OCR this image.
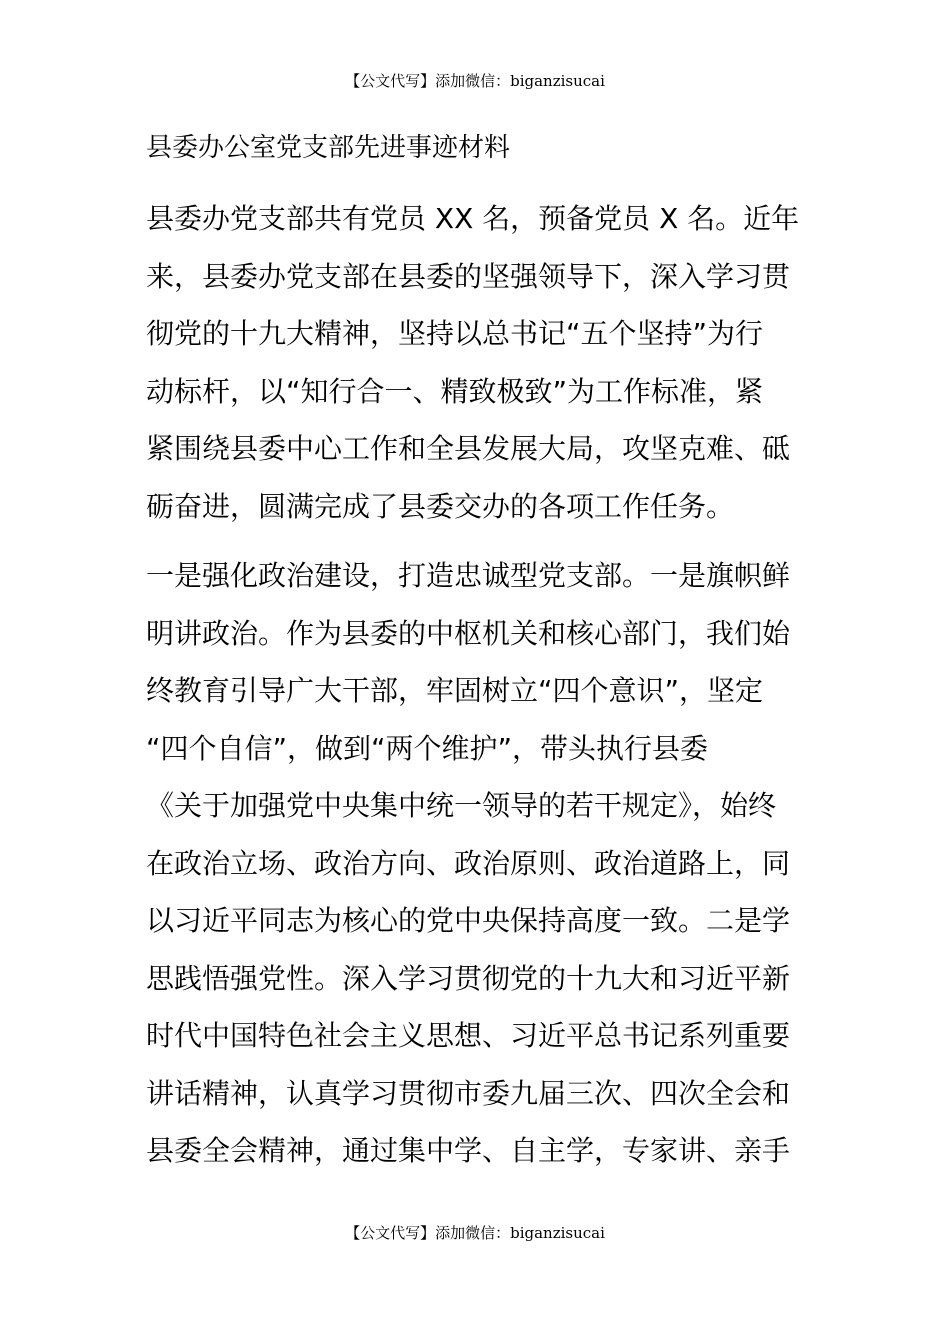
【公文代写】添加微信：biganzisucai
县委办公室党支部先进事迹材料
县委办党支部共有党员 XX 名，预备党员 X 名。近年
来，县委办党支部在县委的坚强领导下，深入学习贯
彻党的十九大精神，坚持以总书记“五个坚持”为行
动标杆，以“知行合一、精致极致”为工作标准，紧
紧围绕县委中心工作和全县发展大局，攻坚克难、砥
砺奋进，圆满完成了县委交办的各项工作任务。
一是强化政治建设，打造忠诚型党支部。一是旗帜鲜
明讲政治。作为县委的中枢机关和核心部门，我们始
终教育引导广大干部，牢固树立“四个意识”，坚定
“四个自信”，做到“两个维护”，带头执行县委
《关于加强党中央集中统一领导的若干规定》，始终
在政治立场、政治方向、政治原则、政治道路上，同
以习近平同志为核心的党中央保持高度一致。二是学
思践悟强党性。深入学习贯彻党的十九大和习近平新
时代中国特色社会主义思想、习近平总书记系列重要
讲话精神，认真学习贯彻市委九届三次、四次全会和
县委全会精神，通过集中学、自主学，专家讲、亲手
【公文代写】添加微信：biganzisucai
